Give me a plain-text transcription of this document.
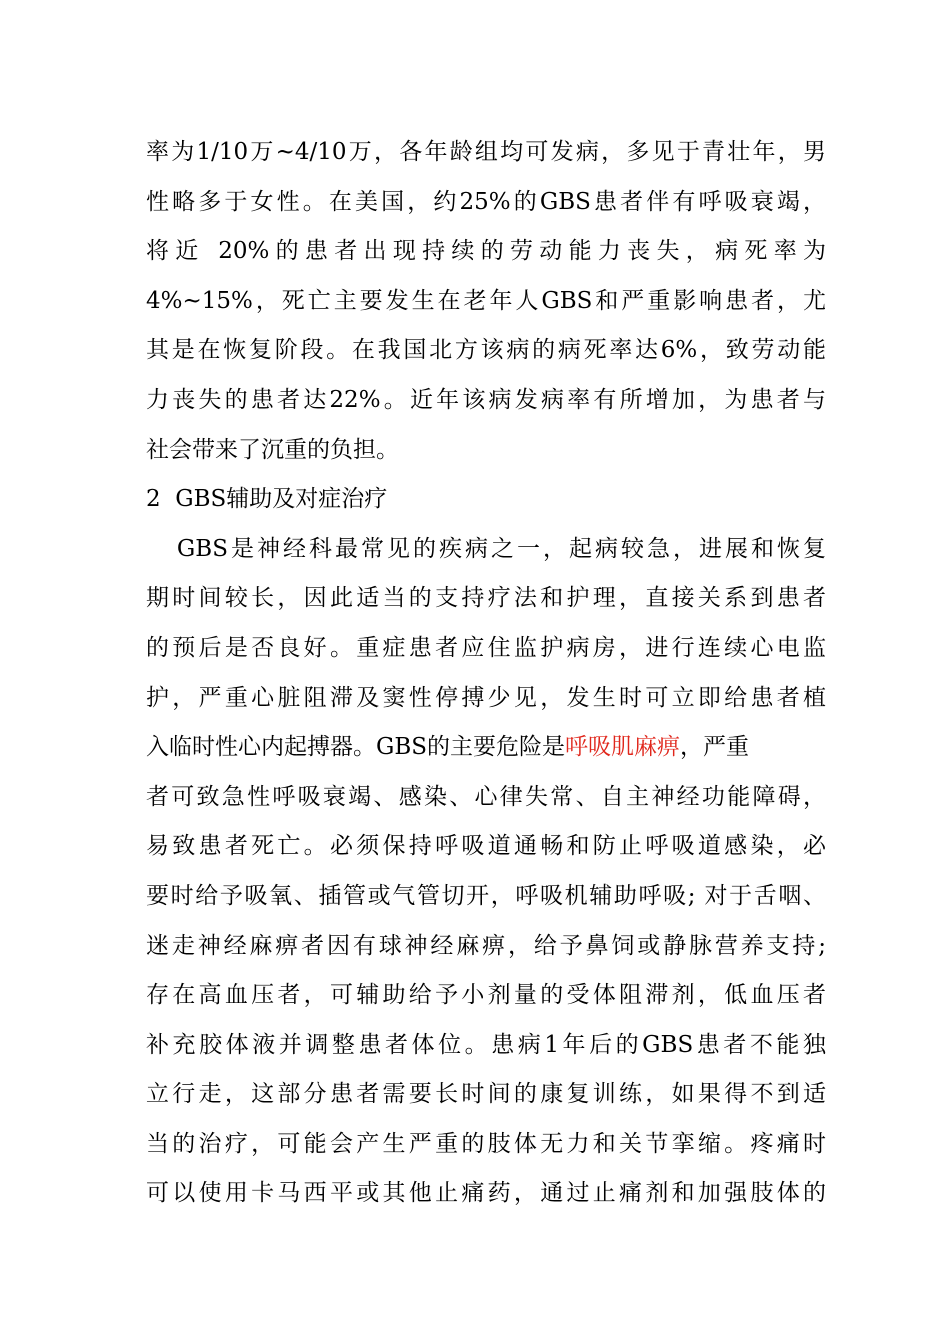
率为1/10万~4/10万，各年龄组均可发病，多见于青壮年，男
性略多于女性。在美国，约25%的GBS患者伴有呼吸衰竭，
将近 20%的患者出现持续的劳动能力丧失，病死率为
4%~15%，死亡主要发生在老年人GBS和严重影响患者，尤
其是在恢复阶段。在我国北方该病的病死率达6%，致劳动能
力丧失的患者达22%。近年该病发病率有所增加，为患者与
社会带来了沉重的负担。
2  GBS辅助及对症治疗
GBS是神经科最常见的疾病之一，起病较急，进展和恢复
期时间较长，因此适当的支持疗法和护理，直接关系到患者
的预后是否良好。重症患者应住监护病房，进行连续心电监
护，严重心脏阻滞及窦性停搏少见，发生时可立即给患者植
入临时性心内起搏器。GBS的主要危险是呼吸肌麻痹，严重
者可致急性呼吸衰竭、感染、心律失常、自主神经功能障碍，
易致患者死亡。必须保持呼吸道通畅和防止呼吸道感染，必
要时给予吸氧、插管或气管切开，呼吸机辅助呼吸; 对于舌咽、
迷走神经麻痹者因有球神经麻痹，给予鼻饲或静脉营养支持;
存在高血压者，可辅助给予小剂量的受体阻滞剂，低血压者
补充胶体液并调整患者体位。患病1年后的GBS患者不能独
立行走，这部分患者需要长时间的康复训练，如果得不到适
当的治疗，可能会产生严重的肢体无力和关节挛缩。疼痛时
可以使用卡马西平或其他止痛药，通过止痛剂和加强肢体的
